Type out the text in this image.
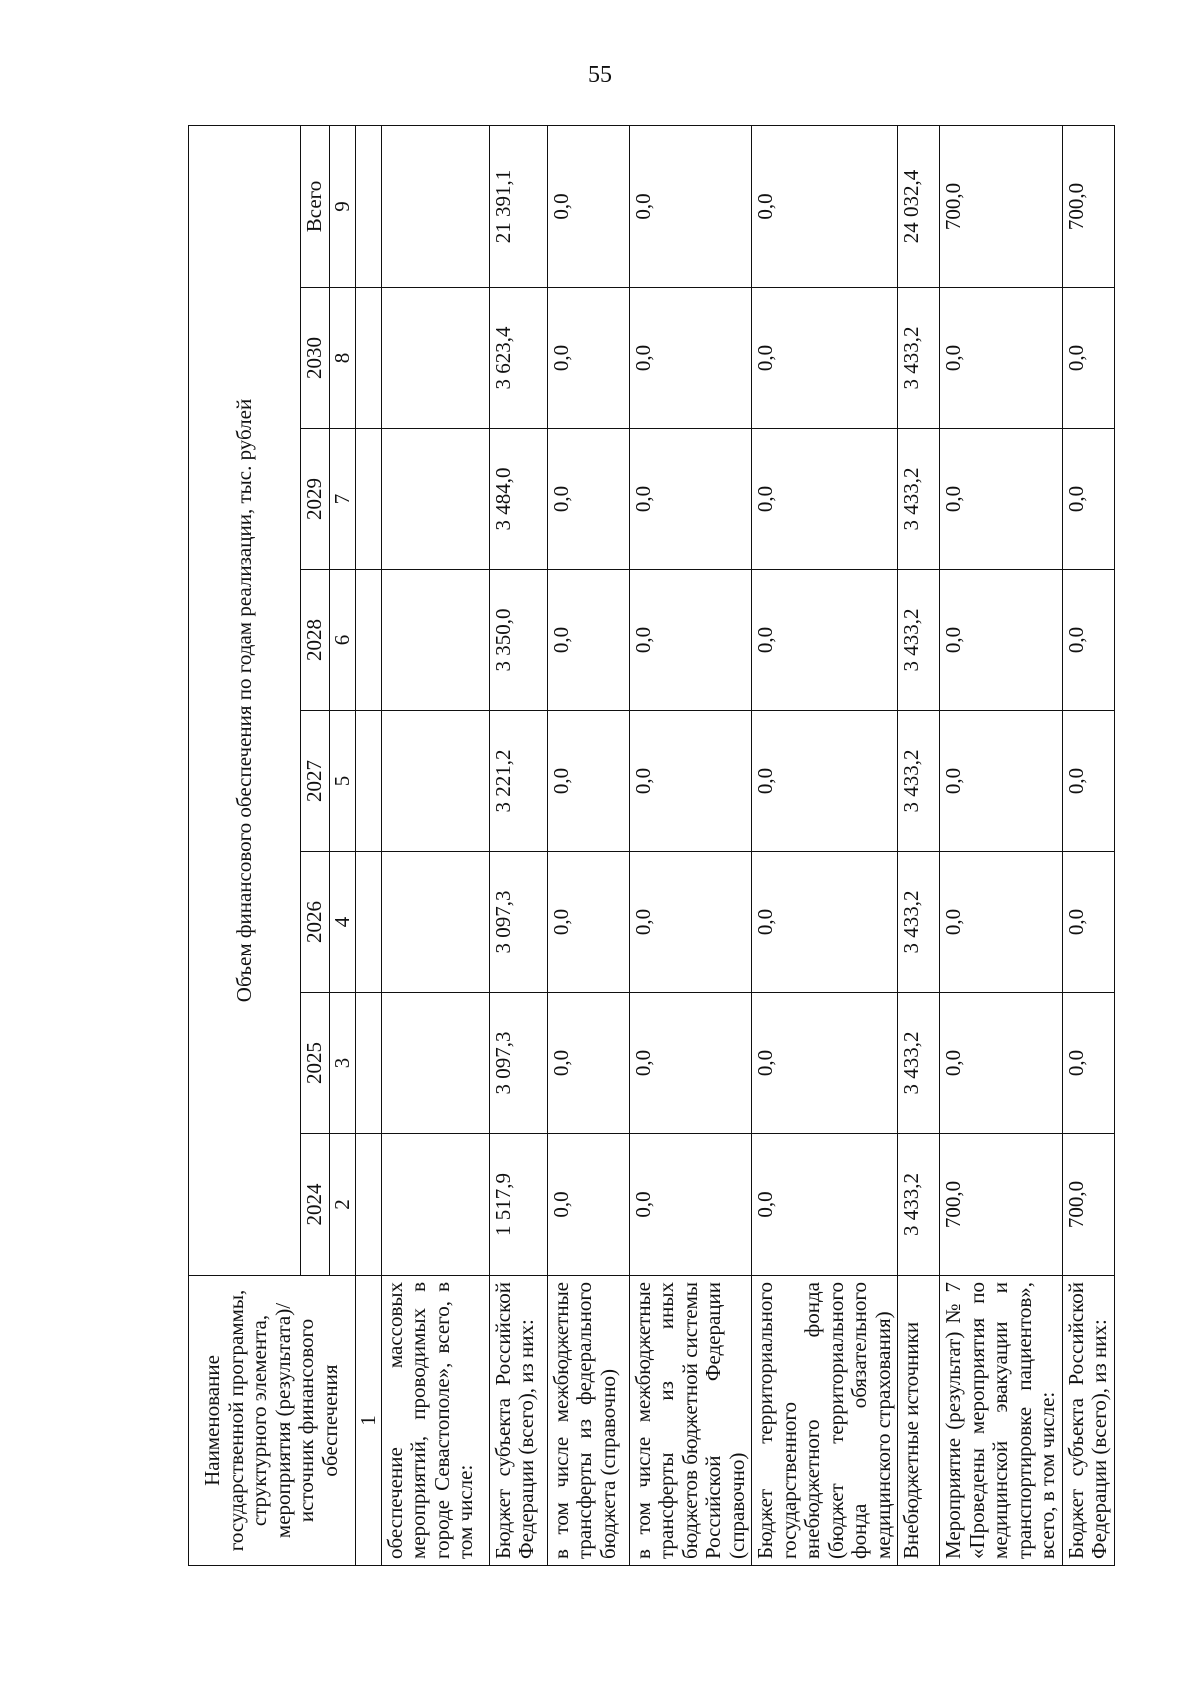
55
Наименование государственной программы, структурного элемента, мероприятия (результата)/источник финансового обеспечения	Объем финансового обеспечения по годам реализации, тыс. рублей							
	2024	2025	2026	2027	2028	2029	2030	Всего
	2	3	4	5	6	7	8	9
1								
обеспечение массовых мероприятий, проводимых в городе Севастополе», всего, в том числе:								
Бюджет субъекта Российской Федерации (всего), из них:	1 517,9	3 097,3	3 097,3	3 221,2	3 350,0	3 484,0	3 623,4	21 391,1
в том числе межбюджетные трансферты из федерального бюджета (справочно)	0,0	0,0	0,0	0,0	0,0	0,0	0,0	0,0
в том числе межбюджетные трансферты из иных бюджетов бюджетной системы Российской Федерации (справочно)	0,0	0,0	0,0	0,0	0,0	0,0	0,0	0,0
Бюджет территориального государственного внебюджетного фонда (бюджет территориального фонда обязательного медицинского страхования)	0,0	0,0	0,0	0,0	0,0	0,0	0,0	0,0
Внебюджетные источники	3 433,2	3 433,2	3 433,2	3 433,2	3 433,2	3 433,2	3 433,2	24 032,4
Мероприятие (результат) № 7 «Проведены мероприятия по медицинской эвакуации и транспортировке пациентов», всего, в том числе:	700,0	0,0	0,0	0,0	0,0	0,0	0,0	700,0
Бюджет субъекта Российской Федерации (всего), из них:	700,0	0,0	0,0	0,0	0,0	0,0	0,0	700,0
